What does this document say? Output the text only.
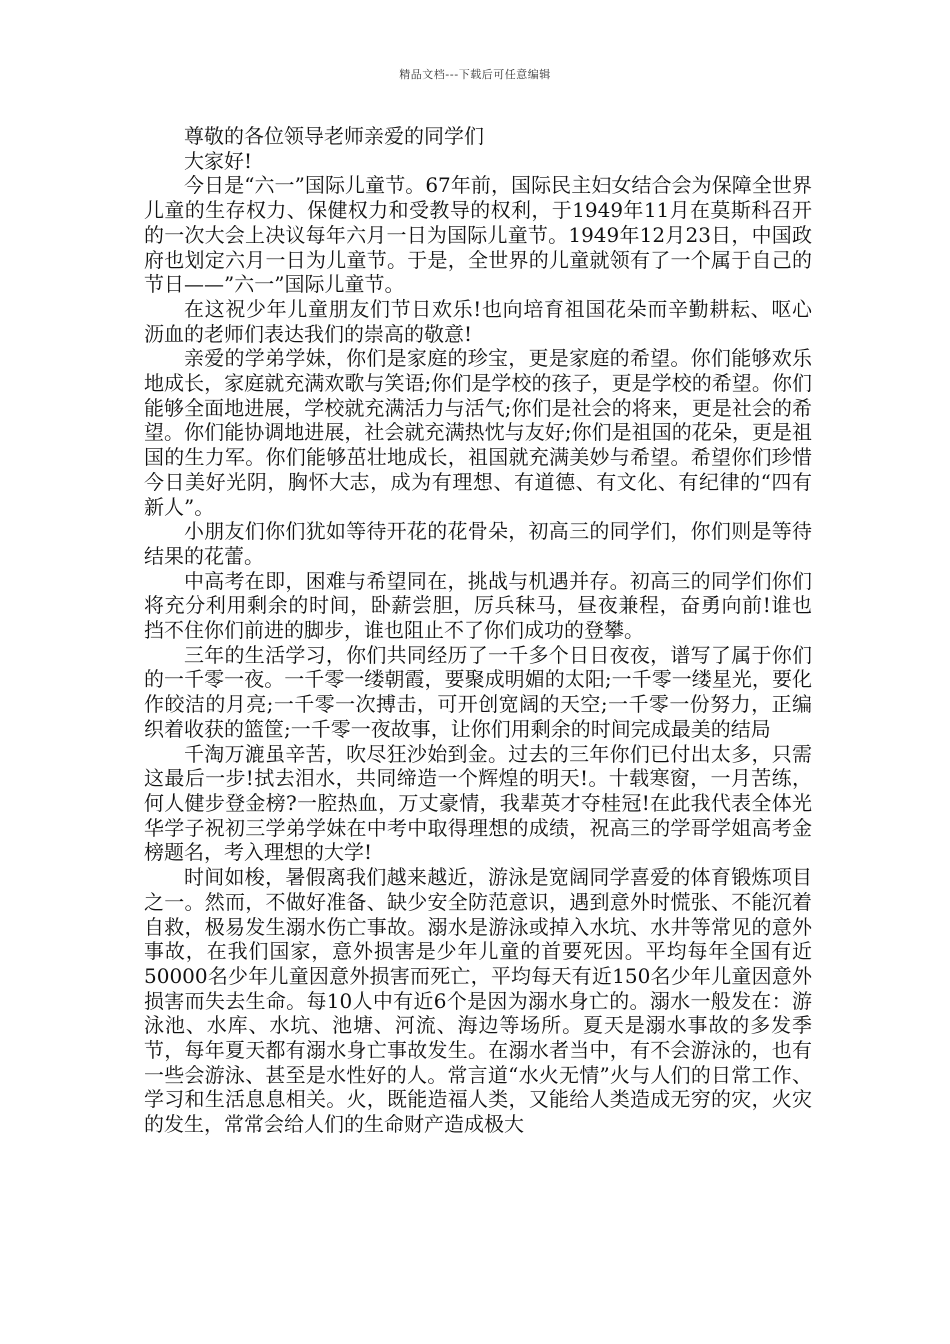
精品文档---下载后可任意编辑

尊敬的各位领导老师亲爱的同学们

大家好!

今日是“六一”国际儿童节。67年前，国际民主妇女结合会为保障全世界儿童的生存权力、保健权力和受教导的权利，于1949年11月在莫斯科召开的一次大会上决议每年六月一日为国际儿童节。1949年12月23日，中国政府也划定六月一日为儿童节。于是，全世界的儿童就领有了一个属于自己的节日——”六一”国际儿童节。

在这祝少年儿童朋友们节日欢乐!也向培育祖国花朵而辛勤耕耘、呕心沥血的老师们表达我们的崇高的敬意!

亲爱的学弟学妹，你们是家庭的珍宝，更是家庭的希望。你们能够欢乐地成长，家庭就充满欢歌与笑语;你们是学校的孩子，更是学校的希望。你们能够全面地进展，学校就充满活力与活气;你们是社会的将来，更是社会的希望。你们能协调地进展，社会就充满热忱与友好;你们是祖国的花朵，更是祖国的生力军。你们能够茁壮地成长，祖国就充满美妙与希望。希望你们珍惜今日美好光阴，胸怀大志，成为有理想、有道德、有文化、有纪律的“四有新人”。

小朋友们你们犹如等待开花的花骨朵，初高三的同学们，你们则是等待结果的花蕾。

中高考在即，困难与希望同在，挑战与机遇并存。初高三的同学们你们将充分利用剩余的时间，卧薪尝胆，厉兵秣马，昼夜兼程，奋勇向前!谁也挡不住你们前进的脚步，谁也阻止不了你们成功的登攀。

三年的生活学习，你们共同经历了一千多个日日夜夜，谱写了属于你们的一千零一夜。一千零一缕朝霞，要聚成明媚的太阳;一千零一缕星光，要化作皎洁的月亮;一千零一次搏击，可开创宽阔的天空;一千零一份努力，正编织着收获的篮筐;一千零一夜故事，让你们用剩余的时间完成最美的结局

千淘万漉虽辛苦，吹尽狂沙始到金。过去的三年你们已付出太多，只需这最后一步!拭去泪水，共同缔造一个辉煌的明天!。十载寒窗，一月苦练，何人健步登金榜?一腔热血，万丈豪情，我辈英才夺桂冠!在此我代表全体光华学子祝初三学弟学妹在中考中取得理想的成绩，祝高三的学哥学姐高考金榜题名，考入理想的大学!

时间如梭，暑假离我们越来越近，游泳是宽阔同学喜爱的体育锻炼项目之一。然而，不做好准备、缺少安全防范意识，遇到意外时慌张、不能沉着自救，极易发生溺水伤亡事故。溺水是游泳或掉入水坑、水井等常见的意外事故，在我们国家，意外损害是少年儿童的首要死因。平均每年全国有近50000名少年儿童因意外损害而死亡，平均每天有近150名少年儿童因意外损害而失去生命。每10人中有近6个是因为溺水身亡的。溺水一般发在：游泳池、水库、水坑、池塘、河流、海边等场所。夏天是溺水事故的多发季节，每年夏天都有溺水身亡事故发生。在溺水者当中，有不会游泳的，也有一些会游泳、甚至是水性好的人。常言道“水火无情”火与人们的日常工作、学习和生活息息相关。火，既能造福人类，又能给人类造成无穷的灾，火灾的发生，常常会给人们的生命财产造成极大
